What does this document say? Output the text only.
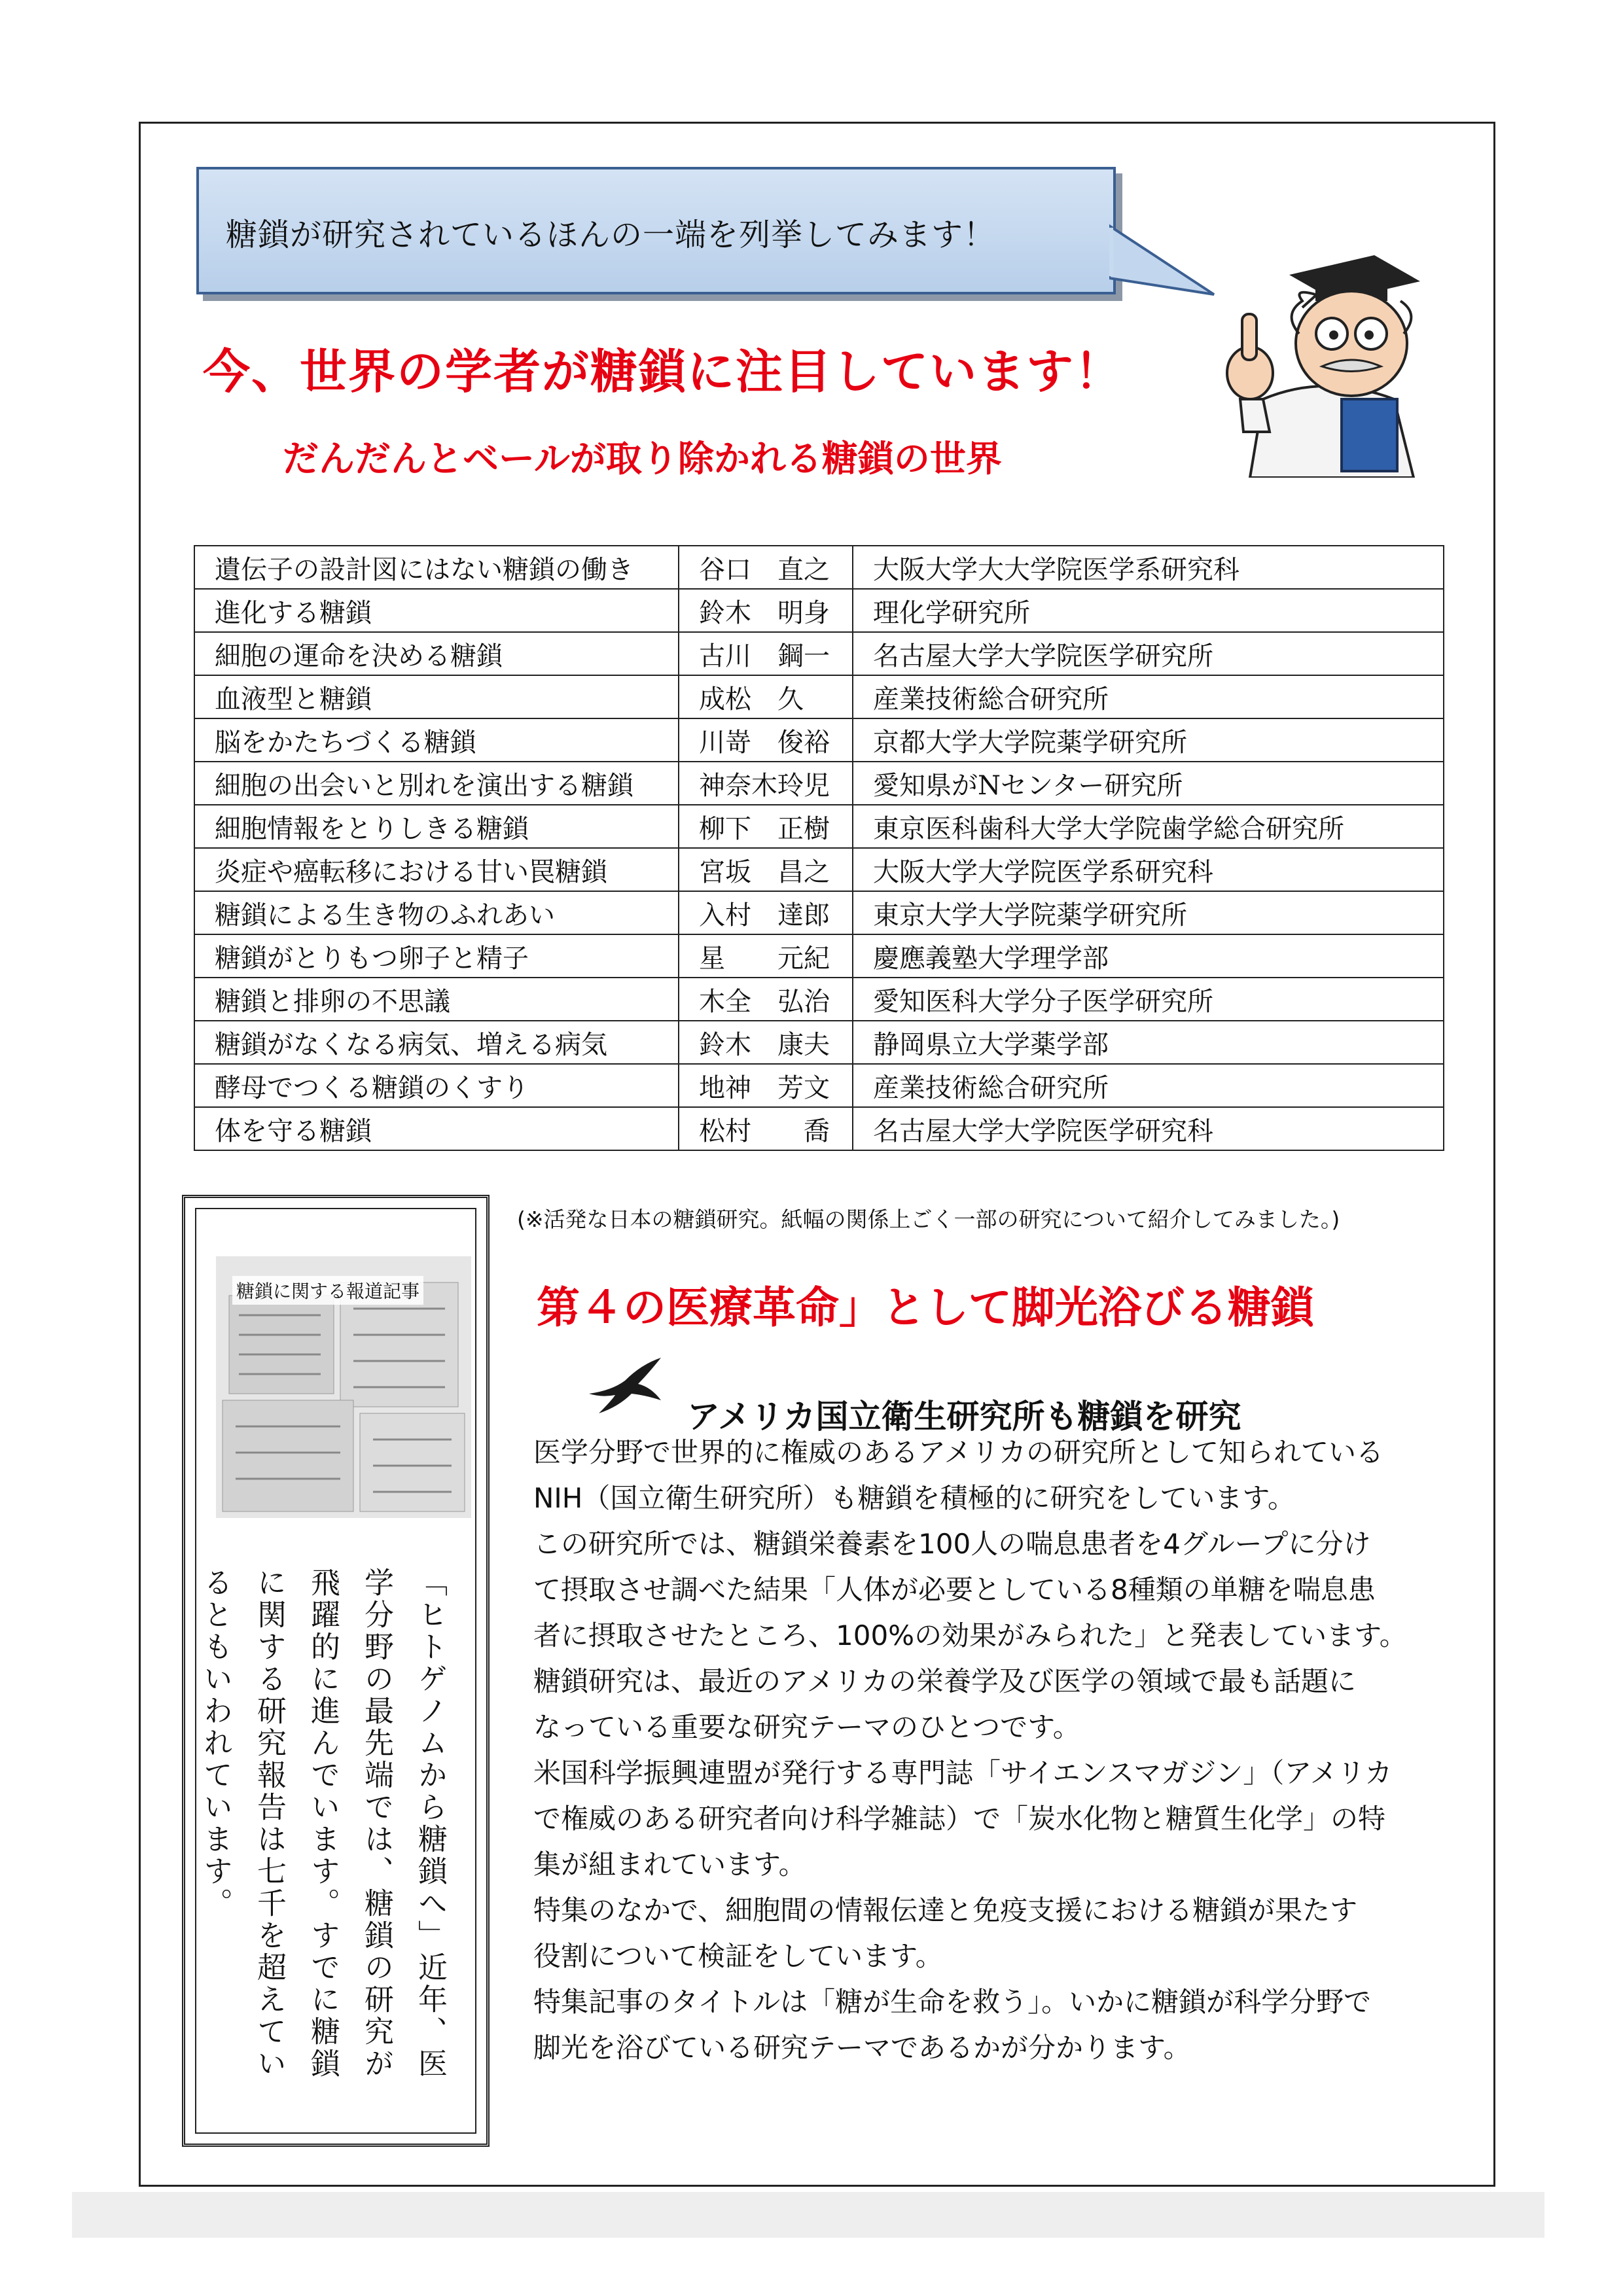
糖鎖が研究されているほんの一端を列挙してみます！
今、世界の学者が糖鎖に注目しています！
だんだんとベールが取り除かれる糖鎖の世界
遺伝子の設計図にはない糖鎖の働き	谷口　直之	大阪大学大大学院医学系研究科
進化する糖鎖	鈴木　明身	理化学研究所
細胞の運命を決める糖鎖	古川　鋼一	名古屋大学大学院医学研究所
血液型と糖鎖	成松　久	産業技術総合研究所
脳をかたちづくる糖鎖	川嵜　俊裕	京都大学大学院薬学研究所
細胞の出会いと別れを演出する糖鎖	神奈木玲児	愛知県がNセンター研究所
細胞情報をとりしきる糖鎖	柳下　正樹	東京医科歯科大学大学院歯学総合研究所
炎症や癌転移における甘い罠糖鎖	宮坂　昌之	大阪大学大学院医学系研究科
糖鎖による生き物のふれあい	入村　達郎	東京大学大学院薬学研究所
糖鎖がとりもつ卵子と精子	星　　元紀	慶應義塾大学理学部
糖鎖と排卵の不思議	木全　弘治	愛知医科大学分子医学研究所
糖鎖がなくなる病気、増える病気	鈴木　康夫	静岡県立大学薬学部
酵母でつくる糖鎖のくすり	地神　芳文	産業技術総合研究所
体を守る糖鎖	松村　　喬	名古屋大学大学院医学研究科
(※活発な日本の糖鎖研究。紙幅の関係上ごく一部の研究について紹介してみました。)
糖鎖に関する報道記事
「ヒトゲノムから糖鎖へ」近年、医学分野の最先端では、糖鎖の研究が飛躍的に進んでいます。すでに糖鎖に関する研究報告は七千を超えているともいわれています。
第４の医療革命」として脚光浴びる糖鎖
アメリカ国立衛生研究所も糖鎖を研究

医学分野で世界的に権威のあるアメリカの研究所として知られている

NIH（国立衛生研究所）も糖鎖を積極的に研究をしています。

この研究所では、糖鎖栄養素を100人の喘息患者を4グループに分け

て摂取させ調べた結果「人体が必要としている8種類の単糖を喘息患

者に摂取させたところ、100%の効果がみられた」と発表しています。

糖鎖研究は、最近のアメリカの栄養学及び医学の領域で最も話題に

なっている重要な研究テーマのひとつです。

米国科学振興連盟が発行する専門誌「サイエンスマガジン」（アメリカ

で権威のある研究者向け科学雑誌）で「炭水化物と糖質生化学」の特

集が組まれています。

特集のなかで、細胞間の情報伝達と免疫支援における糖鎖が果たす

役割について検証をしています。

特集記事のタイトルは「糖が生命を救う」。いかに糖鎖が科学分野で

脚光を浴びている研究テーマであるかが分かります。
